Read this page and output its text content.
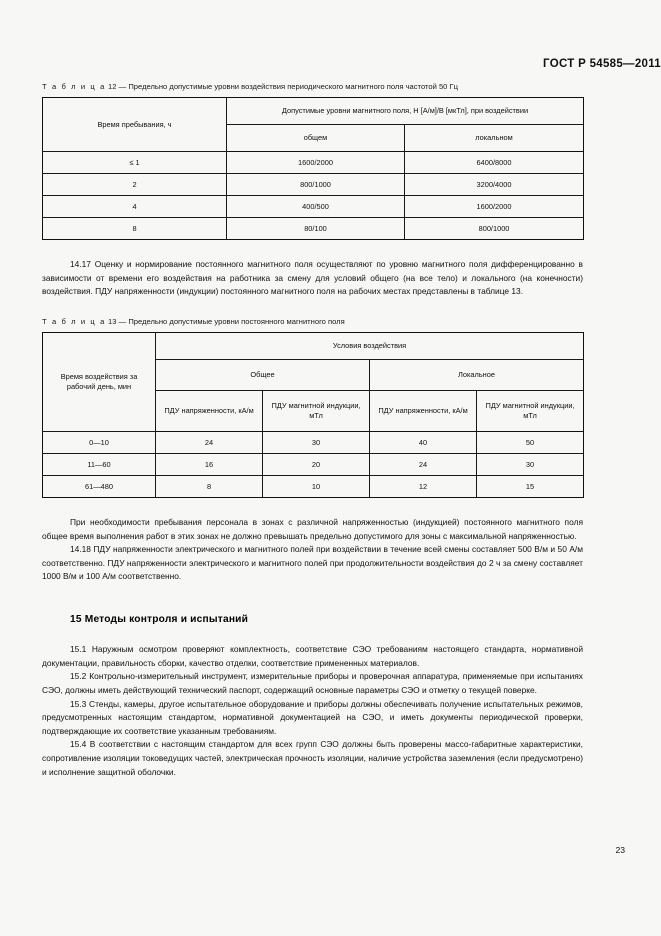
ГОСТ Р 54585—2011

Т а б л и ц а 12 — Предельно допустимые уровни воздействия периодического магнитного поля частотой 50 Гц

Время пребывания, ч	Допустимые уровни магнитного поля, Н [А/м]/В [мкТл], при воздействии	
	общем	локальном
≤ 1	1600/2000	6400/8000
2	800/1000	3200/4000
4	400/500	1600/2000
8	80/100	800/1000

14.17 Оценку и нормирование постоянного магнитного поля осуществляют по уровню магнитного поля дифференцированно в зависимости от времени его воздействия на работника за смену для условий общего (на все тело) и локального (на конечности) воздействия. ПДУ напряженности (индукции) постоянного магнитного поля на рабочих местах представлены в таблице 13.

Т а б л и ц а 13 — Предельно допустимые уровни постоянного магнитного поля

Время воздействия за рабочий день, мин	Условия воздействия			
	Общее		Локальное	
	ПДУ напряженности, кА/м	ПДУ магнитной индукции, мТл	ПДУ напряженности, кА/м	ПДУ магнитной индукции, мТл
0—10	24	30	40	50
11—60	16	20	24	30
61—480	8	10	12	15

При необходимости пребывания персонала в зонах с различной напряженностью (индукцией) постоянного магнитного поля общее время выполнения работ в этих зонах не должно превышать предельно допустимого для зоны с максимальной напряженностью.

14.18 ПДУ напряженности электрического и магнитного полей при воздействии в течение всей смены составляет 500 В/м и 50 А/м соответственно. ПДУ напряженности электрического и магнитного полей при продолжительности воздействия до 2 ч за смену составляет 1000 В/м и 100 А/м соответственно.

15 Методы контроля и испытаний

15.1 Наружным осмотром проверяют комплектность, соответствие СЭО требованиям настоящего стандарта, нормативной документации, правильность сборки, качество отделки, соответствие примененных материалов.

15.2 Контрольно-измерительный инструмент, измерительные приборы и проверочная аппаратура, применяемые при испытаниях СЭО, должны иметь действующий технический паспорт, содержащий основные параметры СЭО и отметку о текущей поверке.

15.3 Стенды, камеры, другое испытательное оборудование и приборы должны обеспечивать получение испытательных режимов, предусмотренных настоящим стандартом, нормативной документацией на СЭО, и иметь документы периодической проверки, подтверждающие их соответствие указанным требованиям.

15.4 В соответствии с настоящим стандартом для всех групп СЭО должны быть проверены массо-габаритные характеристики, сопротивление изоляции токоведущих частей, электрическая прочность изоляции, наличие устройства заземления (если предусмотрено) и исполнение защитной оболочки.

23
